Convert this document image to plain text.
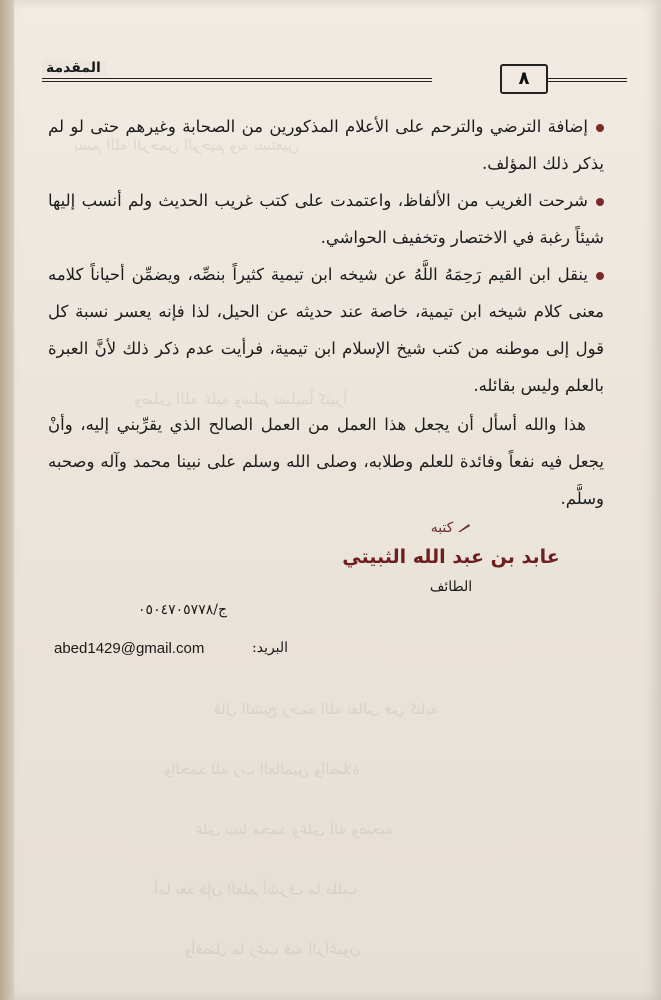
بسم الله الرحمن الرحيم وبه نستعين
وصلى الله عليه وسلم تسليماً كثيراً
قال الشيخ رحمه الله تعالى في كتابه
والحمد لله رب العالمين والصلاة
على نبينا محمد وعلى آله وصحبه
أما بعد فإن العلم أشرف ما طلب
وأفضل ما رغب فيه الراغبون
المقدمة	٨

إضافة الترضي والترحم على الأعلام المذكورين من الصحابة وغيرهم حتى لو لم يذكر ذلك المؤلف.

شرحت الغريب من الألفاظ، واعتمدت على كتب غريب الحديث ولم أنسب إليها شيئاً رغبة في الاختصار وتخفيف الحواشي.

ينقل ابن القيم رَحِمَهُ اللَّهُ عن شيخه ابن تيمية كثيراً بنصِّه، ويضمِّن أحياناً كلامه معنى كلام شيخه ابن تيمية، خاصة عند حديثه عن الحيل، لذا فإنه يعسر نسبة كل قول إلى موطنه من كتب شيخ الإسلام ابن تيمية، فرأيت عدم ذكر ذلك لأنَّ العبرة بالعلم وليس بقائله.

هذا والله أسأل أن يجعل هذا العمل من العمل الصالح الذي يقرِّبني إليه، وأنْ يجعل فيه نفعاً وفائدة للعلم وطلابه، وصلى الله وسلم على نبينا محمد وآله وصحبه وسلَّم.

كتبه
عابد بن عبد الله الثبيتي
الطائف
ج/٠٥٠٤٧٠٥٧٧٨
البريد:
abed1429@gmail.com
